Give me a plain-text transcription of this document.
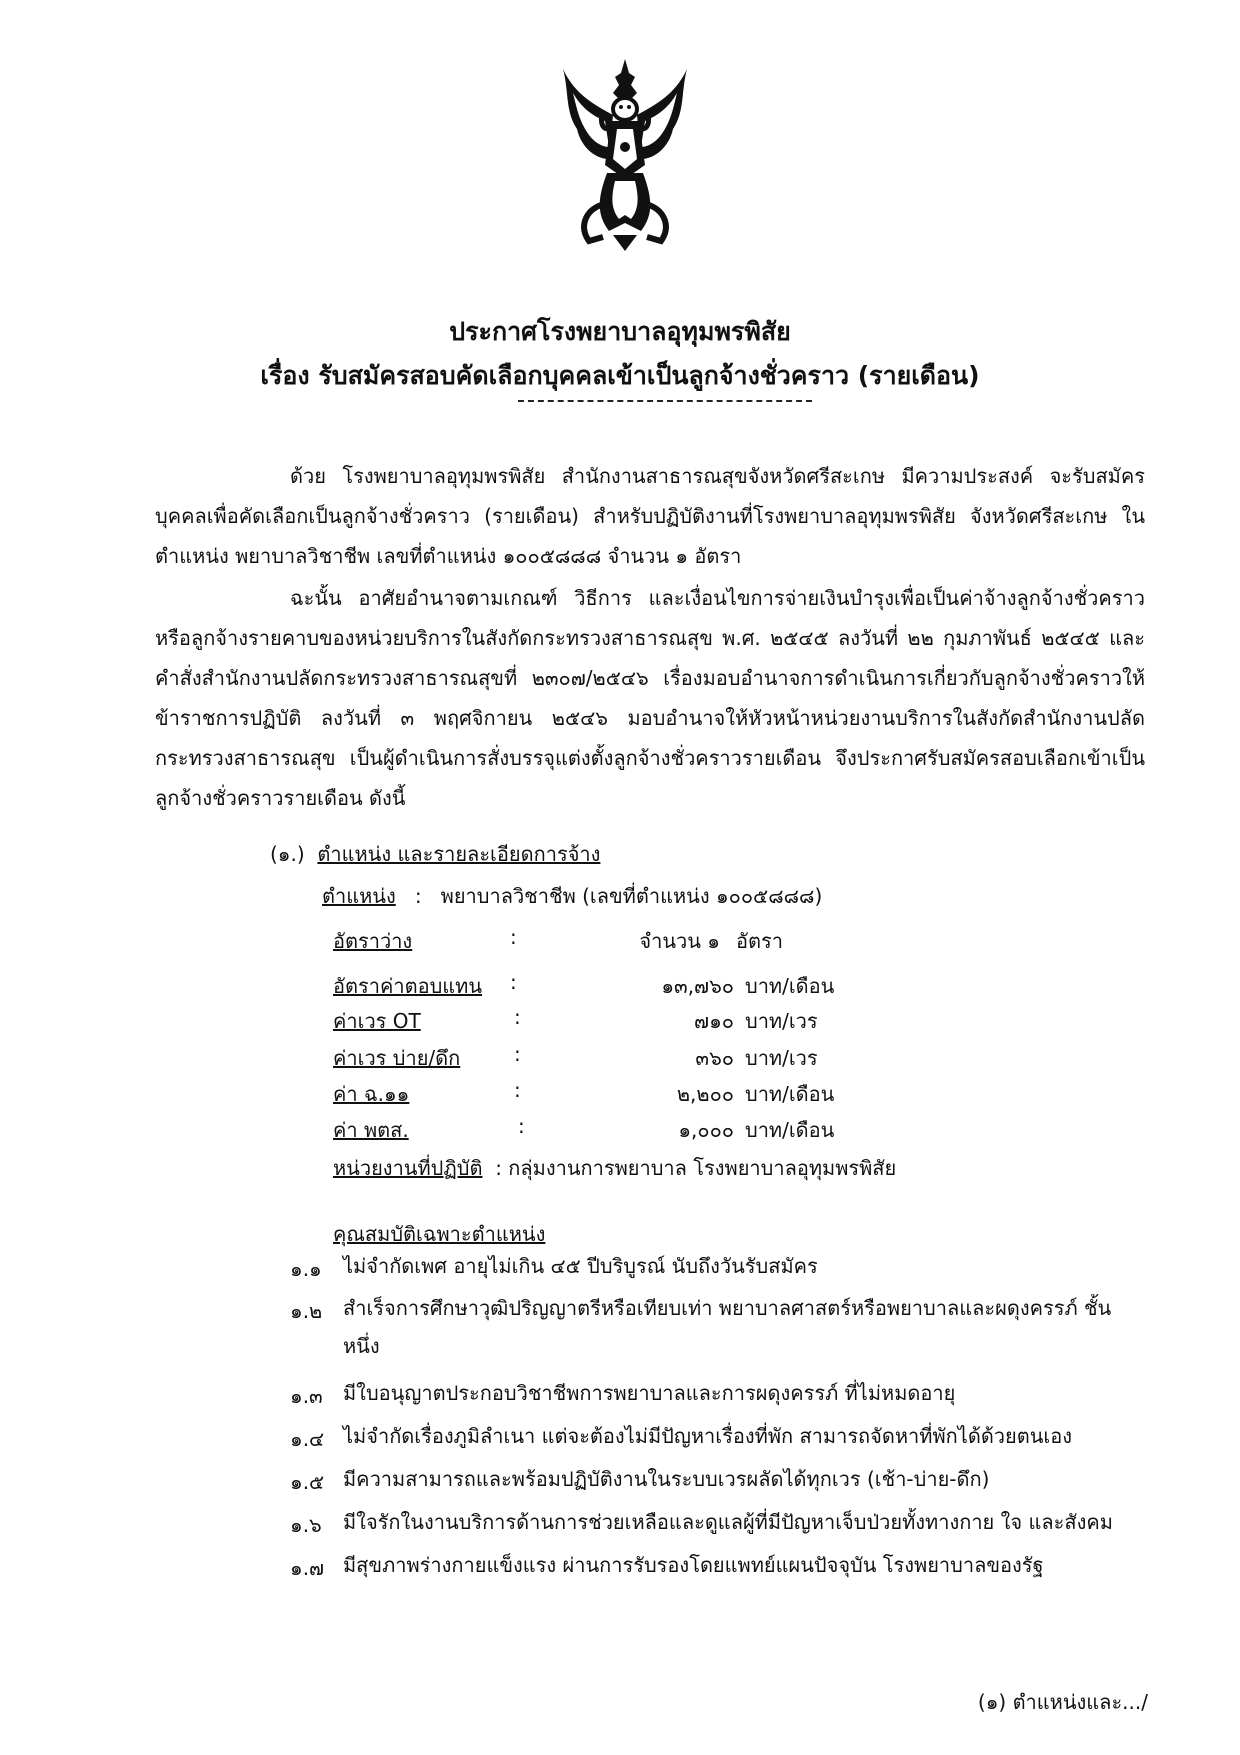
ประกาศโรงพยาบาลอุทุมพรพิสัย
เรื่อง รับสมัครสอบคัดเลือกบุคคลเข้าเป็นลูกจ้างชั่วคราว (รายเดือน)

ด้วย โรงพยาบาลอุทุมพรพิสัย สำนักงานสาธารณสุขจังหวัดศรีสะเกษ มีความประสงค์ จะรับสมัครบุคคลเพื่อคัดเลือกเป็นลูกจ้างชั่วคราว (รายเดือน) สำหรับปฏิบัติงานที่โรงพยาบาลอุทุมพรพิสัย จังหวัดศรีสะเกษ ในตำแหน่ง พยาบาลวิชาชีพ เลขที่ตำแหน่ง ๑๐๐๕๘๘๘ จำนวน ๑ อัตรา

ฉะนั้น อาศัยอำนาจตามเกณฑ์ วิธีการ และเงื่อนไขการจ่ายเงินบำรุงเพื่อเป็นค่าจ้างลูกจ้างชั่วคราว หรือลูกจ้างรายคาบของหน่วยบริการในสังกัดกระทรวงสาธารณสุข พ.ศ. ๒๕๔๕ ลงวันที่ ๒๒ กุมภาพันธ์ ๒๕๔๕ และคำสั่งสำนักงานปลัดกระทรวงสาธารณสุขที่ ๒๓๐๗/๒๕๔๖ เรื่องมอบอำนาจการดำเนินการเกี่ยวกับลูกจ้างชั่วคราวให้ข้าราชการปฏิบัติ ลงวันที่ ๓ พฤศจิกายน ๒๕๔๖ มอบอำนาจให้หัวหน้าหน่วยงานบริการในสังกัดสำนักงานปลัดกระทรวงสาธารณสุข เป็นผู้ดำเนินการสั่งบรรจุแต่งตั้งลูกจ้างชั่วคราวรายเดือน จึงประกาศรับสมัครสอบเลือกเข้าเป็นลูกจ้างชั่วคราวรายเดือน ดังนี้

(๑.) ตำแหน่ง และรายละเอียดการจ้าง
ตำแหน่ง : พยาบาลวิชาชีพ (เลขที่ตำแหน่ง ๑๐๐๕๘๘๘)
อัตราว่าง	:	จำนวน ๑ อัตรา
อัตราค่าตอบแทน :	๑๓,๗๖๐ บาท/เดือน
ค่าเวร OT	:	๗๑๐ บาท/เวร
ค่าเวร บ่าย/ดึก	:	๓๖๐ บาท/เวร
ค่า ฉ.๑๑	:	๒,๒๐๐ บาท/เดือน
ค่า พตส.	:	๑,๐๐๐ บาท/เดือน
หน่วยงานที่ปฏิบัติ : กลุ่มงานการพยาบาล โรงพยาบาลอุทุมพรพิสัย
คุณสมบัติเฉพาะตำแหน่ง
๑.๑ ไม่จำกัดเพศ อายุไม่เกิน ๔๕ ปีบริบูรณ์ นับถึงวันรับสมัคร
๑.๒ สำเร็จการศึกษาวุฒิปริญญาตรีหรือเทียบเท่า พยาบาลศาสตร์หรือพยาบาลและผดุงครรภ์ ชั้นหนึ่ง
๑.๓ มีใบอนุญาตประกอบวิชาชีพการพยาบาลและการผดุงครรภ์ ที่ไม่หมดอายุ
๑.๔ ไม่จำกัดเรื่องภูมิลำเนา แต่จะต้องไม่มีปัญหาเรื่องที่พัก สามารถจัดหาที่พักได้ด้วยตนเอง
๑.๕ มีความสามารถและพร้อมปฏิบัติงานในระบบเวรผลัดได้ทุกเวร (เช้า-บ่าย-ดึก)
๑.๖ มีใจรักในงานบริการด้านการช่วยเหลือและดูแลผู้ที่มีปัญหาเจ็บป่วยทั้งทางกาย ใจ และสังคม
๑.๗ มีสุขภาพร่างกายแข็งแรง ผ่านการรับรองโดยแพทย์แผนปัจจุบัน โรงพยาบาลของรัฐ
(๑) ตำแหน่งและ.../
